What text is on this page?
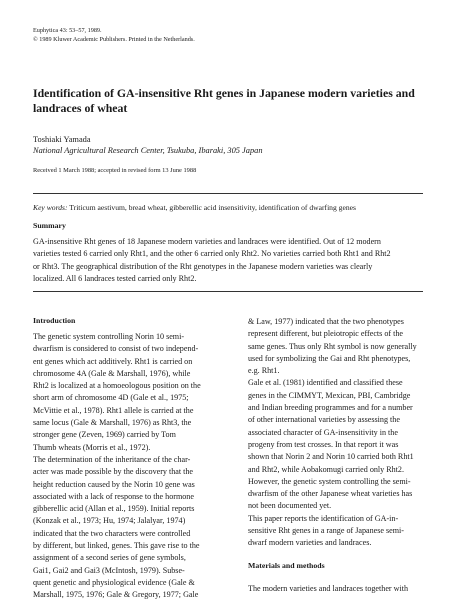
Euphytica 43: 53–57, 1989.
© 1989 Kluwer Academic Publishers. Printed in the Netherlands.
Identification of GA-insensitive Rht genes in Japanese modern varieties and landraces of wheat
Toshiaki Yamada
National Agricultural Research Center, Tsukuba, Ibaraki, 305 Japan
Received 1 March 1988; accepted in revised form 13 June 1988
Key words: Triticum aestivum, bread wheat, gibberellic acid insensitivity, identification of dwarfing genes
Summary
GA-insensitive Rht genes of 18 Japanese modern varieties and landraces were identified. Out of 12 modern
varieties tested 6 carried only Rht1, and the other 6 carried only Rht2. No varieties carried both Rht1 and Rht2
or Rht3. The geographical distribution of the Rht genotypes in the Japanese modern varieties was clearly
localized. All 6 landraces tested carried only Rht2.
Introduction
The genetic system controlling Norin 10 semi-
dwarfism is considered to consist of two independ-
ent genes which act additively. Rht1 is carried on
chromosome 4A (Gale & Marshall, 1976), while
Rht2 is localized at a homoeologous position on the
short arm of chromosome 4D (Gale et al., 1975;
McVittie et al., 1978). Rht1 allele is carried at the
same locus (Gale & Marshall, 1976) as Rht3, the
stronger gene (Zeven, 1969) carried by Tom
Thumb wheats (Morris et al., 1972).
The determination of the inheritance of the char-
acter was made possible by the discovery that the
height reduction caused by the Norin 10 gene was
associated with a lack of response to the hormone
gibberellic acid (Allan et al., 1959). Initial reports
(Konzak et al., 1973; Hu, 1974; Jalalyar, 1974)
indicated that the two characters were controlled
by different, but linked, genes. This gave rise to the
assignment of a second series of gene symbols,
Gai1, Gai2 and Gai3 (McIntosh, 1979). Subse-
quent genetic and physiological evidence (Gale &
Marshall, 1975, 1976; Gale & Gregory, 1977; Gale
& Law, 1977) indicated that the two phenotypes
represent different, but pleiotropic effects of the
same genes. Thus only Rht symbol is now generally
used for symbolizing the Gai and Rht phenotypes,
e.g. Rht1.
Gale et al. (1981) identified and classified these
genes in the CIMMYT, Mexican, PBI, Cambridge
and Indian breeding programmes and for a number
of other international varieties by assessing the
associated character of GA-insensitivity in the
progeny from test crosses. In that report it was
shown that Norin 2 and Norin 10 carried both Rht1
and Rht2, while Aobakomugi carried only Rht2.
However, the genetic system controlling the semi-
dwarfism of the other Japanese wheat varieties has
not been documented yet.
This paper reports the identification of GA-in-
sensitive Rht genes in a range of Japanese semi-
dwarf modern varieties and landraces.
Materials and methods
The modern varieties and landraces together with
